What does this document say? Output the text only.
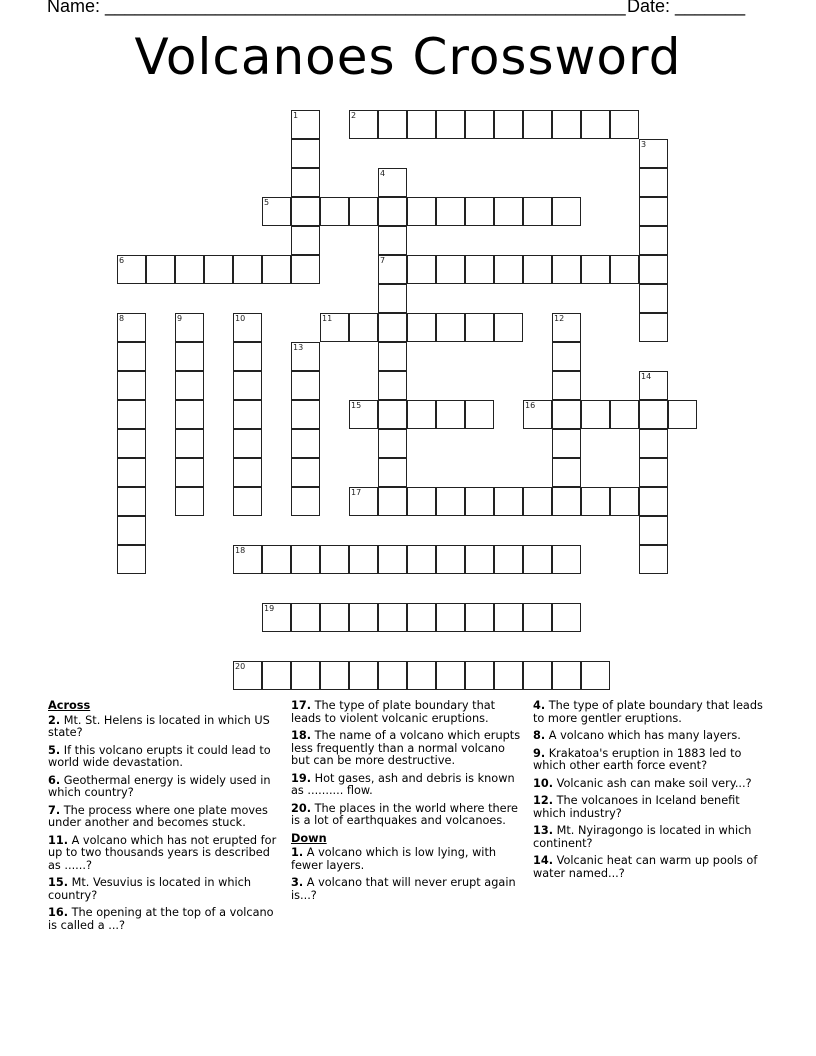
Name: ____________________________________________________ Date: _______
Volcanoes Crossword
1	2
3
4
7
5
6
8	9	10	11	12
13
14
15	16
17
18
19
20
Across
2. Mt. St. Helens is located in which US state?
5. If this volcano erupts it could lead to world wide devastation.
6. Geothermal energy is widely used in which country?
7. The process where one plate moves under another and becomes stuck.
11. A volcano which has not erupted for up to two thousands years is described as ......?
15. Mt. Vesuvius is located in which country?
16. The opening at the top of a volcano is called a ...?
17. The type of plate boundary that leads to violent volcanic eruptions.
18. The name of a volcano which erupts less frequently than a normal volcano but can be more destructive.
19. Hot gases, ash and debris is known as .......... flow.
20. The places in the world where there is a lot of earthquakes and volcanoes.
Down
1. A volcano which is low lying, with fewer layers.
3. A volcano that will never erupt again is...?
4. The type of plate boundary that leads to more gentler eruptions.
8. A volcano which has many layers.
9. Krakatoa's eruption in 1883 led to which other earth force event?
10. Volcanic ash can make soil very...?
12. The volcanoes in Iceland benefit which industry?
13. Mt. Nyiragongo is located in which continent?
14. Volcanic heat can warm up pools of water named...?
